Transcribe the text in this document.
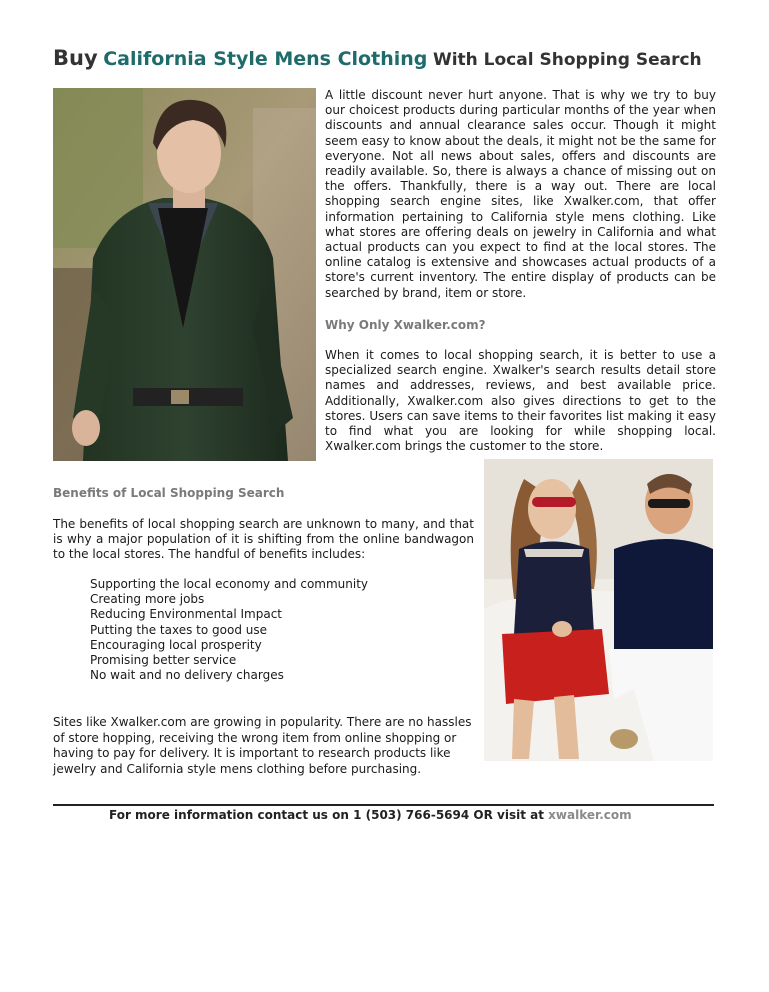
Buy California Style Mens Clothing With Local Shopping Search
A little discount never hurt anyone. That is why we try to buy our choicest products during particular months of the year when discounts and annual clearance sales occur. Though it might seem easy to know about the deals, it might not be the same for everyone. Not all news about sales, offers and discounts are readily available. So, there is always a chance of missing out on the offers. Thankfully, there is a way out. There are local shopping search engine sites, like Xwalker.com, that offer information pertaining to California style mens clothing. Like what stores are offering deals on jewelry in California and what actual products can you expect to find at the local stores. The online catalog is extensive and showcases actual products of a store's current inventory. The entire display of products can be searched by brand, item or store.
Why Only Xwalker.com?
When it comes to local shopping search, it is better to use a specialized search engine. Xwalker's search results detail store names and addresses, reviews, and best available price. Additionally, Xwalker.com also gives directions to get to the stores. Users can save items to their favorites list making it easy to find what you are looking for while shopping local. Xwalker.com brings the customer to the store.
Benefits of Local Shopping Search
The benefits of local shopping search are unknown to many, and that is why a major population of it is shifting from the online bandwagon to the local stores. The handful of benefits includes:
Supporting the local economy and community
Creating more jobs
Reducing Environmental Impact
Putting the taxes to good use
Encouraging local prosperity
Promising better service
No wait and no delivery charges
Sites like Xwalker.com are growing in popularity. There are no hassles of store hopping, receiving the wrong item from online shopping or having to pay for delivery. It is important to research products like jewelry and California style mens clothing before purchasing.
For more information contact us on 1 (503) 766-5694 OR visit at xwalker.com
